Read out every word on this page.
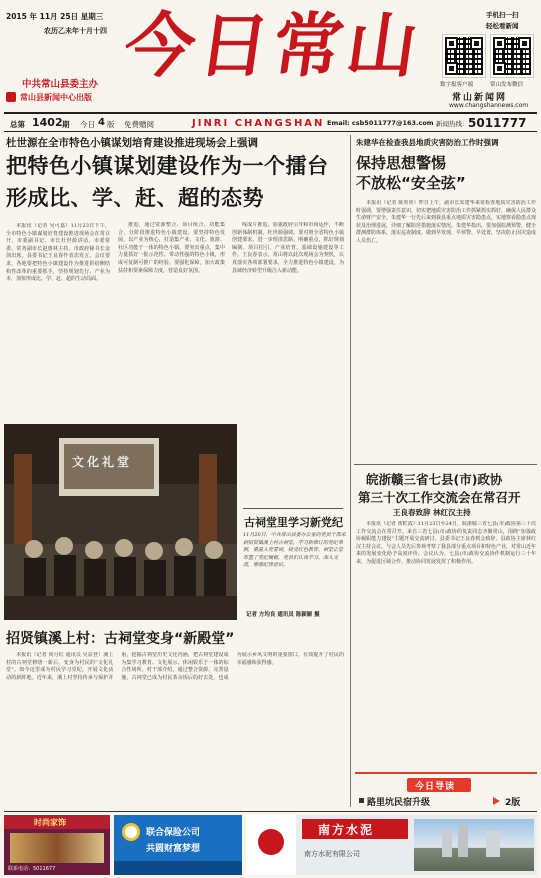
2015 年 11月 25日 星期三
农历乙未年十月十四 今日常山
中共常山县委主办
常山县新闻中心出版
手机扫一扫
轻松看新闻
数字报客户端	常山发布微信
常山新闻网
www.changshannews.com
总第 1402 期 今日 4 版 免费赠阅	JINRI CHANGSHAN Email: csb5011777@163.com 新闻热线： 5011777
杜世源在全市特色小镇谋划培育建设推进现场会上强调
把特色小镇谋划建设作为一个擂台
形成比、学、赶、超的态势

本报讯（记者 吴可嘉）11月23日下午，全市特色小镇谋划培育建设推进现场会在常召开。市委副书记、市长杜世源讲话，市委常委、常务副市长赵惠林主持，市政府秘书长金剑出席。县委书记王良春作表态发言。会议要求，各地要把特色小镇建设作为推进供给侧结构性改革的重要抓手，坚持规划先行、产业为本，加快形成比、学、赶、超的生动局面。

推进，通过资源整合、项目组合、功能集合，分阶段推进特色小镇建设。要坚持特色发展，以产业为核心，打造集产业、文化、旅游、社区功能于一体的特色小镇。要突出重点，集中力量抓好一批示范性、带动性强的特色小镇，形成可复制可推广的经验。要强化保障，加大政策扶持和要素保障力度，营造良好氛围。

线成片推进，加强政府引导和市场运作，不断创新体制机制。杜世源强调，要对照全省特色小镇创建要求，进一步理清思路、明确重点，抓好规划编制、项目招引、产业培育、基础设施建设等工作。王良春表示，常山将以此次现场会为契机，认真落实各项部署要求，全力推进特色小镇建设，为县域经济转型升级注入新动能。

朱建华在检查我县地质灾害防治工作时强调
保持思想警惕
不放松“安全弦”

本报讯（记者 陈喜喜）昨日上午，副市长朱建华来常检查地质灾害防治工作时强调，要增强责任意识，切实把地质灾害防治工作抓紧抓实抓好，确保人民群众生命财产安全。朱建华一行先后来到我县重点地质灾害隐患点，实地察看隐患点现状及治理进展，详细了解防范措施落实情况。朱建华指出，要加强监测预警，健全群测群防体系，落实巡查制度，做到早发现、早预警、早处置，坚决防止因灾造成人员伤亡。

文化礼堂
古祠堂里学习新党纪
11月20日，中共常山县委办公室的党员干部来到招贤镇溪上村古祠堂，学习新修订的党纪条例，重温入党誓词，接受红色教育。祠堂正堂布置了党纪展板，党员们认真学习、深入交流，增强纪律意识。
记者 方均良 通讯员 陈颖颖 摄
招贤镇溪上村：古祠堂变身“新殿堂”

本报讯（记者 尚月红 通讯员 吴益登）溪上村的古祠堂修缮一新后，变身为村民的“文化礼堂”。如今这里成为村民学习党纪、开展文化活动的新阵地。近年来，溪上村坚持传承与保护并重，挖掘古祠堂历史文化内涵，把古祠堂建设成为集学习教育、文化展示、休闲娱乐于一体的综合性场所。村干部介绍，通过整合资源、完善设施，古祠堂已成为村民茶余饭后的好去处，也成为展示乡风文明的重要窗口，有效提升了村民的幸福感和获得感。

皖浙赣三省七县(市)政协
第三十次工作交流会在常召开
王良春致辞 林红汉主持

本报讯（记者 黄虹霞）11月23日至24日，皖浙赣三省七县(市)政协第三十次工作交流会在常召开。来自三省七县(市)政协的负责同志齐聚常山，围绕“加强政协履职能力建设”主题开展交流研讨。县委书记王良春到会致辞，县政协主席林红汉主持会议。与会人员先后参观考察了我县部分重点项目和特色产业，对常山近年来的发展变化给予高度评价。会议认为，七县(市)政协交流协作机制运行三十年来，为促进区域合作、推动协同发展发挥了积极作用。

今日导读
路里坑民宿升级	2版
时尚家饰
联系电话：5011677
联合保险公司
共圆财富梦想
南方水泥
南方水泥有限公司
